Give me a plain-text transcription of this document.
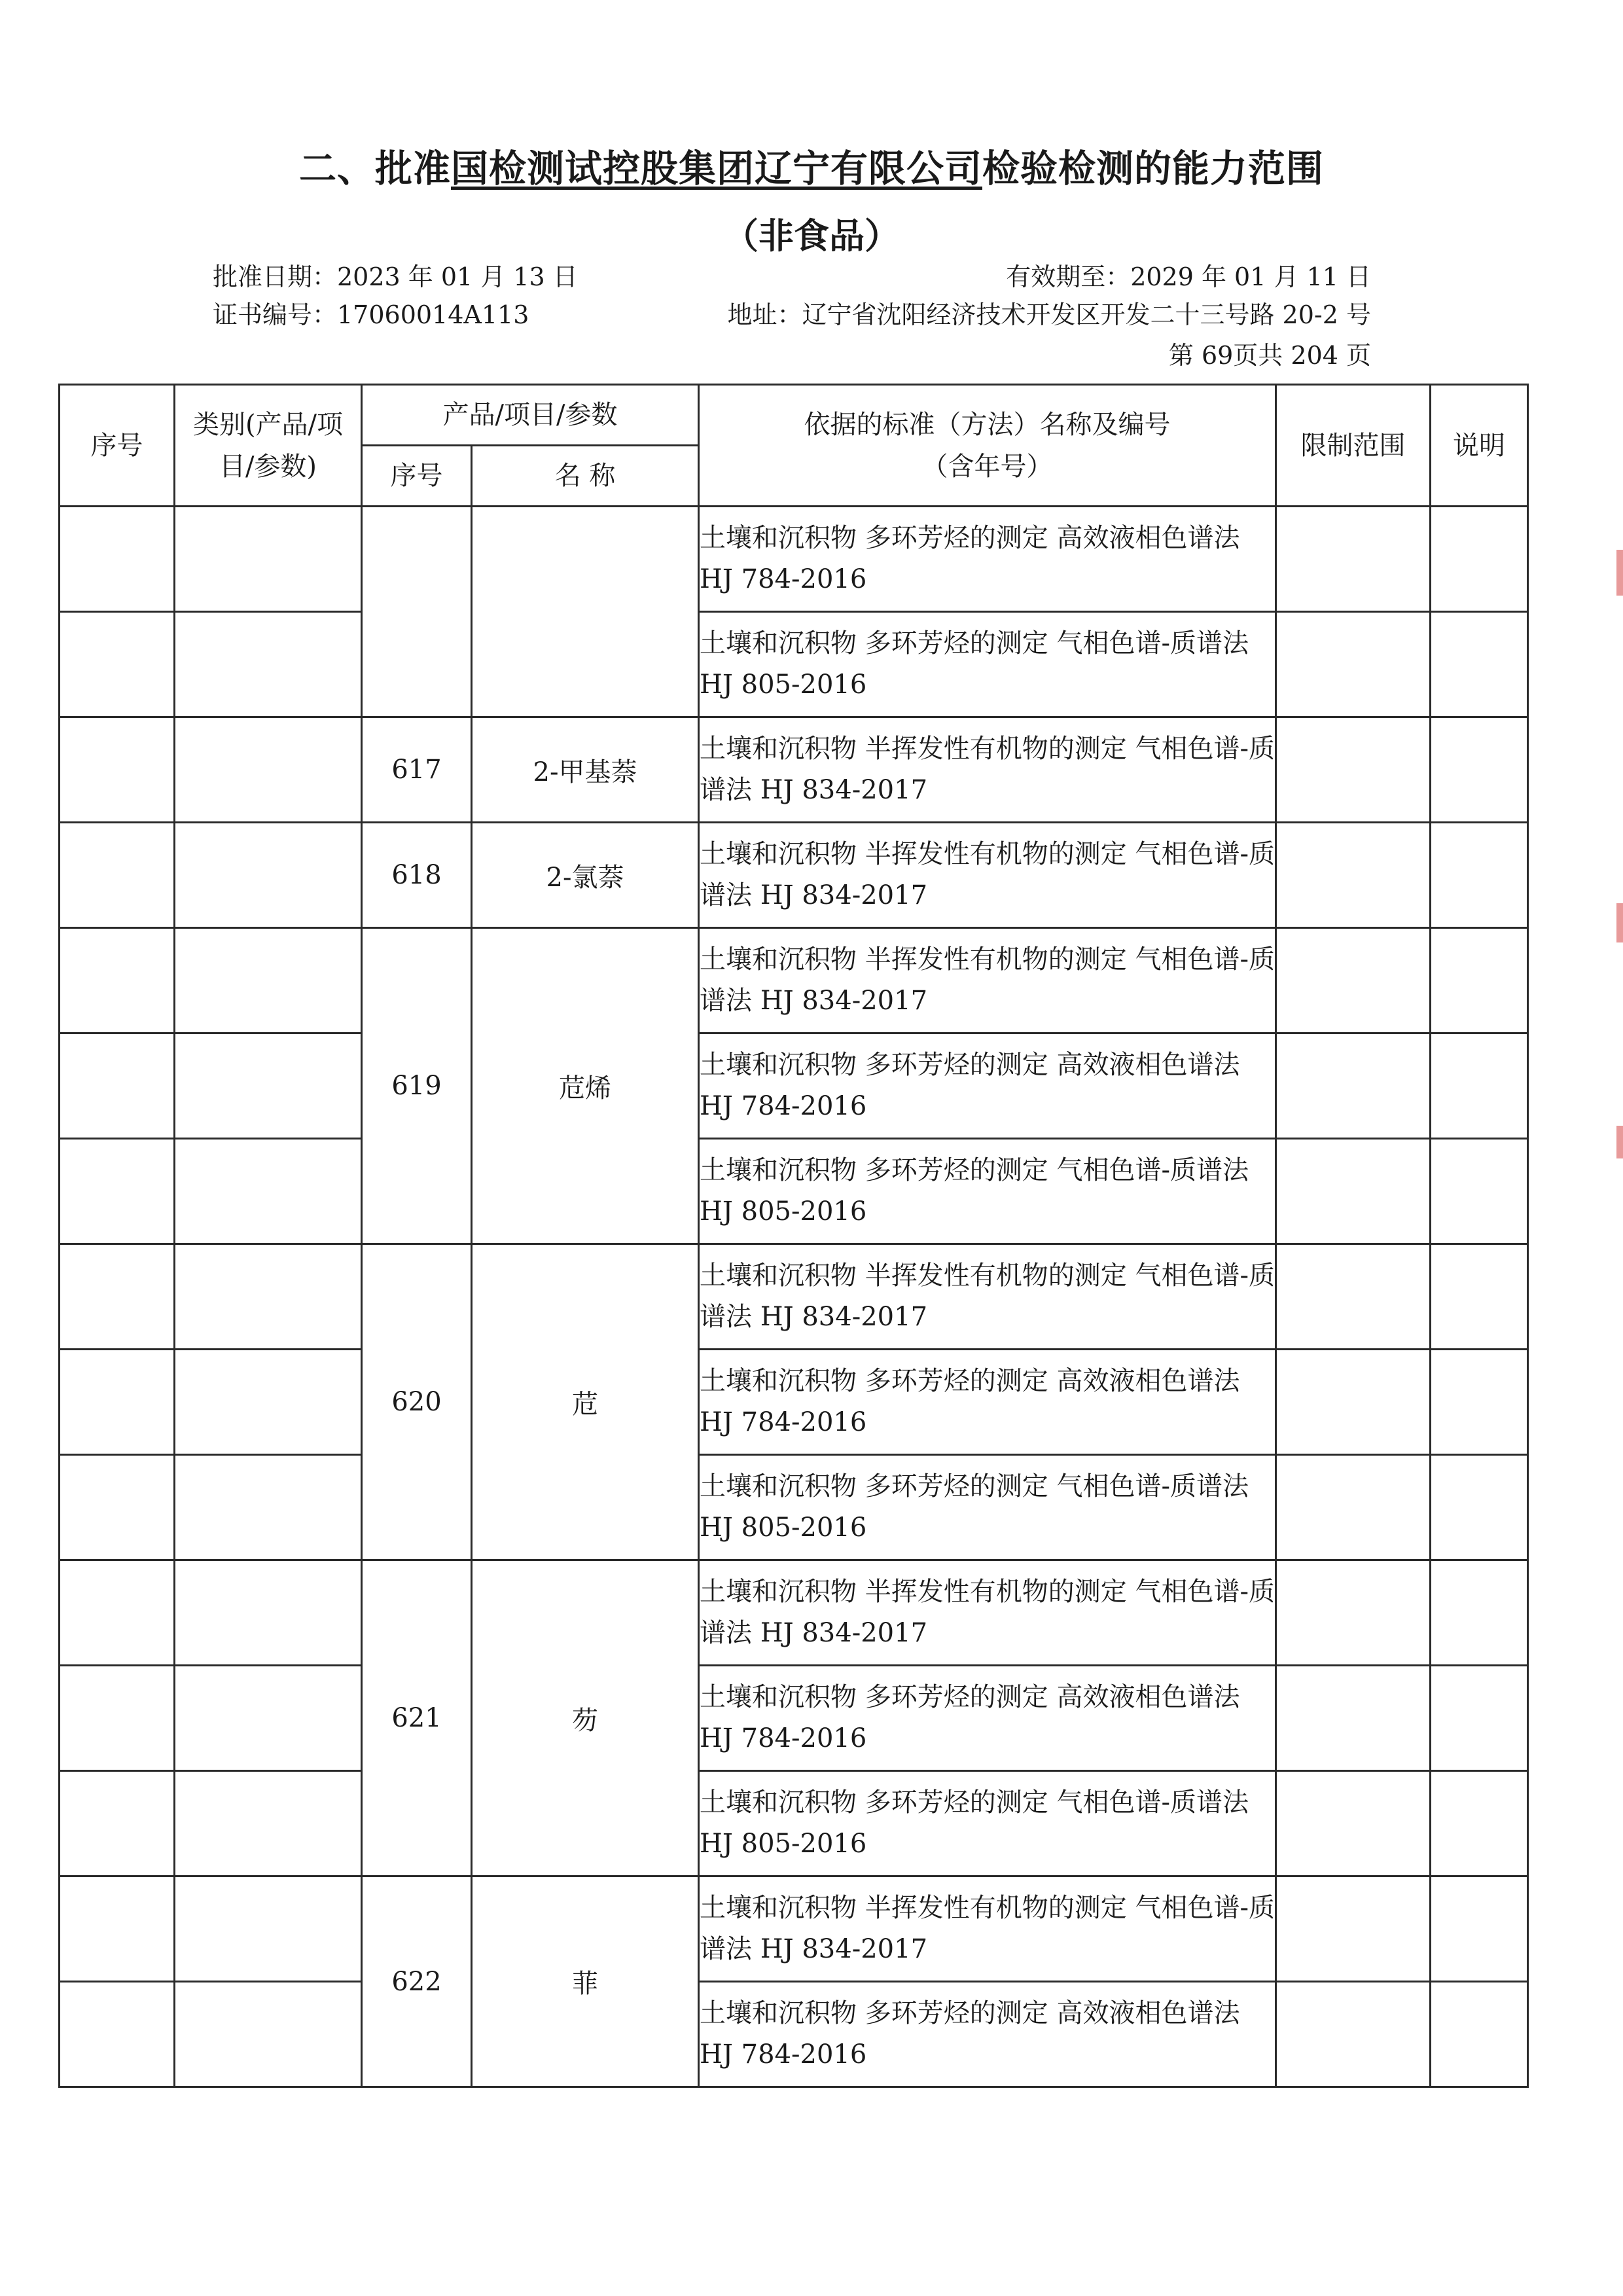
二、批准国检测试控股集团辽宁有限公司检验检测的能力范围
（非食品）
批准日期：2023 年 01 月 13 日	有效期至：2029 年 01 月 11 日
证书编号：17060014A113	地址：辽宁省沈阳经济技术开发区开发二十三号路 20-2 号
第 69页共 204 页
序号	类别(产品/项目/参数)	产品/项目/参数		依据的标准（方法）名称及编号（含年号）	限制范围	说明
		序号	名 称			
				土壤和沉积物 多环芳烃的测定 高效液相色谱法 HJ 784-2016		
				土壤和沉积物 多环芳烃的测定 气相色谱-质谱法 HJ 805-2016		
		617	2-甲基萘	土壤和沉积物 半挥发性有机物的测定 气相色谱-质谱法 HJ 834-2017		
		618	2-氯萘	土壤和沉积物 半挥发性有机物的测定 气相色谱-质谱法 HJ 834-2017		
		619	苊烯	土壤和沉积物 半挥发性有机物的测定 气相色谱-质谱法 HJ 834-2017		
				土壤和沉积物 多环芳烃的测定 高效液相色谱法 HJ 784-2016		
				土壤和沉积物 多环芳烃的测定 气相色谱-质谱法 HJ 805-2016		
		620	苊	土壤和沉积物 半挥发性有机物的测定 气相色谱-质谱法 HJ 834-2017		
				土壤和沉积物 多环芳烃的测定 高效液相色谱法 HJ 784-2016		
				土壤和沉积物 多环芳烃的测定 气相色谱-质谱法 HJ 805-2016		
		621	芴	土壤和沉积物 半挥发性有机物的测定 气相色谱-质谱法 HJ 834-2017		
				土壤和沉积物 多环芳烃的测定 高效液相色谱法 HJ 784-2016		
				土壤和沉积物 多环芳烃的测定 气相色谱-质谱法 HJ 805-2016		
		622	菲	土壤和沉积物 半挥发性有机物的测定 气相色谱-质谱法 HJ 834-2017		
				土壤和沉积物 多环芳烃的测定 高效液相色谱法 HJ 784-2016		
